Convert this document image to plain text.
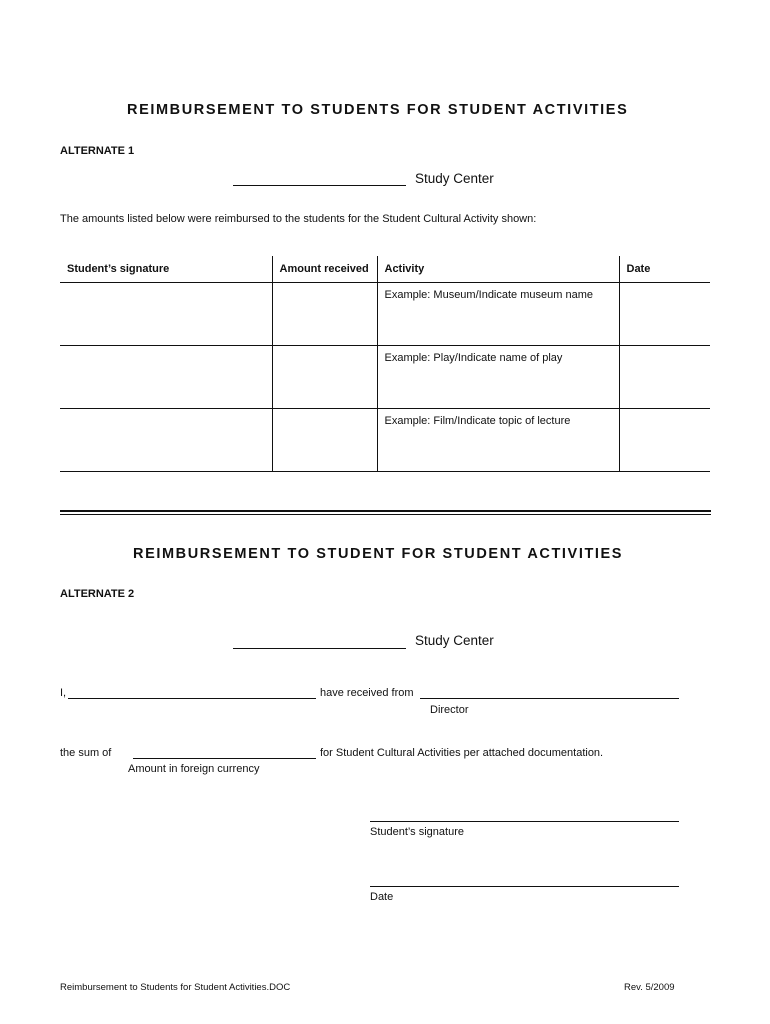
REIMBURSEMENT TO STUDENTS FOR STUDENT ACTIVITIES
ALTERNATE 1
Study Center
The amounts listed below were reimbursed to the students for the Student Cultural Activity shown:
Student’s signature	Amount received	Activity	Date
		Example: Museum/Indicate museum name	
		Example: Play/Indicate name of play	
		Example: Film/Indicate topic of lecture	
REIMBURSEMENT TO STUDENT FOR STUDENT ACTIVITIES
ALTERNATE 2
Study Center
I,	have received from
Director
the sum of	for Student Cultural Activities per attached documentation.
Amount in foreign currency
Student’s signature
Date
Reimbursement to Students for Student Activities.DOC	Rev. 5/2009
